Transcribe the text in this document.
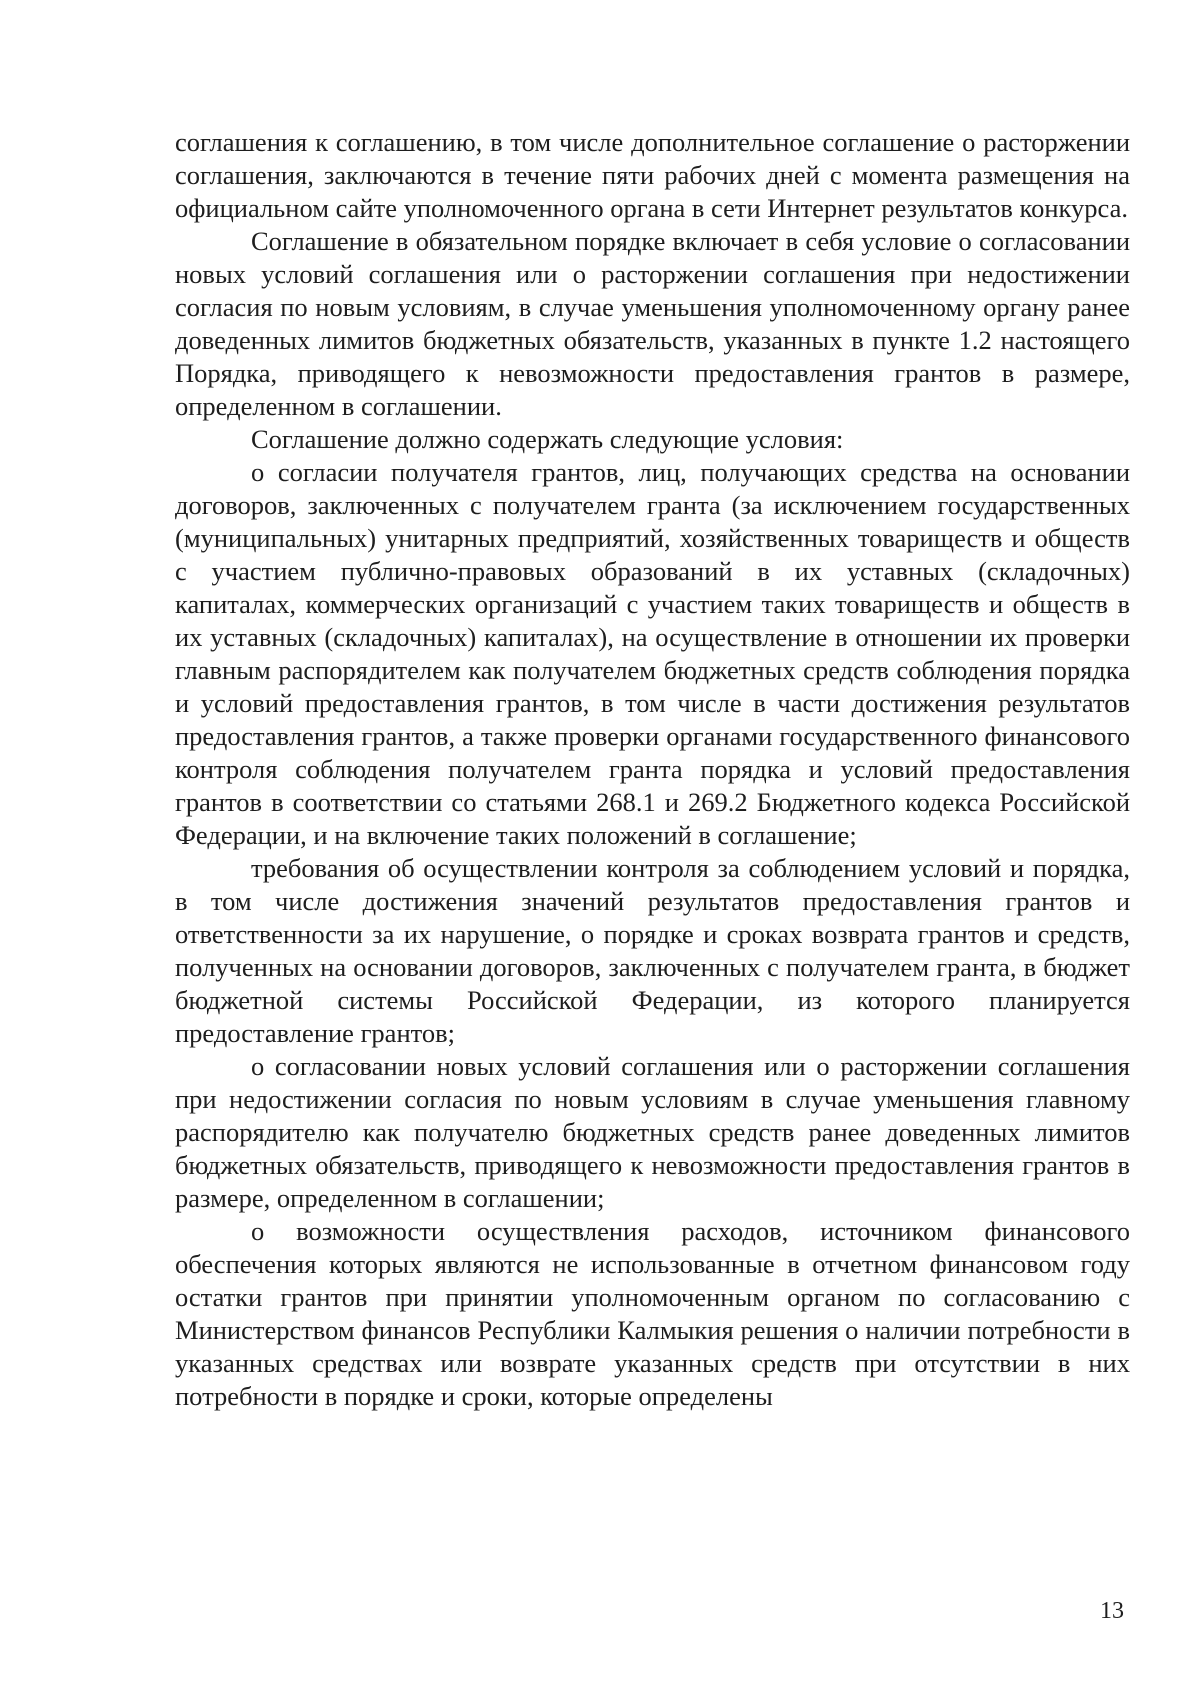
соглашения к соглашению, в том числе дополнительное соглашение о расторжении соглашения, заключаются в течение пяти рабочих дней с момента размещения на официальном сайте уполномоченного органа в сети Интернет результатов конкурса.

Соглашение в обязательном порядке включает в себя условие о согласовании новых условий соглашения или о расторжении соглашения при недостижении согласия по новым условиям, в случае уменьшения уполномоченному органу ранее доведенных лимитов бюджетных обязательств, указанных в пункте 1.2 настоящего Порядка, приводящего к невозможности предоставления грантов в размере, определенном в соглашении.

Соглашение должно содержать следующие условия:

о согласии получателя грантов, лиц, получающих средства на основании договоров, заключенных с получателем гранта (за исключением государственных (муниципальных) унитарных предприятий, хозяйственных товариществ и обществ с участием публично-правовых образований в их уставных (складочных) капиталах, коммерческих организаций с участием таких товариществ и обществ в их уставных (складочных) капиталах), на осуществление в отношении их проверки главным распорядителем как получателем бюджетных средств соблюдения порядка и условий предоставления грантов, в том числе в части достижения результатов предоставления грантов, а также проверки органами государственного финансового контроля соблюдения получателем гранта порядка и условий предоставления грантов в соответствии со статьями 268.1 и 269.2 Бюджетного кодекса Российской Федерации, и на включение таких положений в соглашение;

требования об осуществлении контроля за соблюдением условий и порядка, в том числе достижения значений результатов предоставления грантов и ответственности за их нарушение, о порядке и сроках возврата грантов и средств, полученных на основании договоров, заключенных с получателем гранта, в бюджет бюджетной системы Российской Федерации, из которого планируется предоставление грантов;

о согласовании новых условий соглашения или о расторжении соглашения при недостижении согласия по новым условиям в случае уменьшения главному распорядителю как получателю бюджетных средств ранее доведенных лимитов бюджетных обязательств, приводящего к невозможности предоставления грантов в размере, определенном в соглашении;

о возможности осуществления расходов, источником финансового обеспечения которых являются не использованные в отчетном финансовом году остатки грантов при принятии уполномоченным органом по согласованию с Министерством финансов Республики Калмыкия решения о наличии потребности в указанных средствах или возврате указанных средств при отсутствии в них потребности в порядке и сроки, которые определены

13
